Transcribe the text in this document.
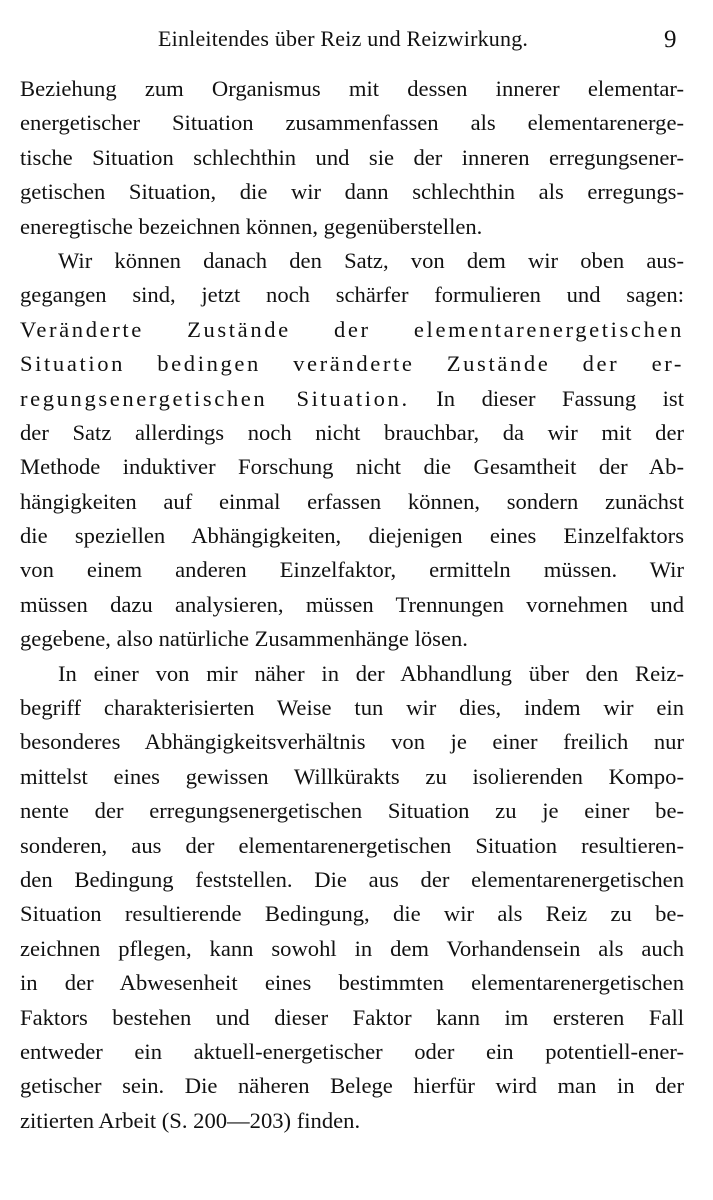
Einleitendes über Reiz und Reizwirkung.	9
Beziehung zum Organismus mit dessen innerer elementar-
energetischer Situation zusammenfassen als elementarenerge-
tische Situation schlechthin und sie der inneren erregungsener-
getischen Situation, die wir dann schlechthin als erregungs-
eneregtische bezeichnen können, gegenüberstellen.
Wir können danach den Satz, von dem wir oben aus-
gegangen sind, jetzt noch schärfer formulieren und sagen:
Veränderte Zustände der elementarenergetischen
Situation bedingen veränderte Zustände der er-
regungsenergetischen Situation. In dieser Fassung ist
der Satz allerdings noch nicht brauchbar, da wir mit der
Methode induktiver Forschung nicht die Gesamtheit der Ab-
hängigkeiten auf einmal erfassen können, sondern zunächst
die speziellen Abhängigkeiten, diejenigen eines Einzelfaktors
von einem anderen Einzelfaktor, ermitteln müssen. Wir
müssen dazu analysieren, müssen Trennungen vornehmen und
gegebene, also natürliche Zusammenhänge lösen.
In einer von mir näher in der Abhandlung über den Reiz-
begriff charakterisierten Weise tun wir dies, indem wir ein
besonderes Abhängigkeitsverhältnis von je einer freilich nur
mittelst eines gewissen Willkürakts zu isolierenden Kompo-
nente der erregungsenergetischen Situation zu je einer be-
sonderen, aus der elementarenergetischen Situation resultieren-
den Bedingung feststellen. Die aus der elementarenergetischen
Situation resultierende Bedingung, die wir als Reiz zu be-
zeichnen pflegen, kann sowohl in dem Vorhandensein als auch
in der Abwesenheit eines bestimmten elementarenergetischen
Faktors bestehen und dieser Faktor kann im ersteren Fall
entweder ein aktuell-energetischer oder ein potentiell-ener-
getischer sein. Die näheren Belege hierfür wird man in der
zitierten Arbeit (S. 200—203) finden.
